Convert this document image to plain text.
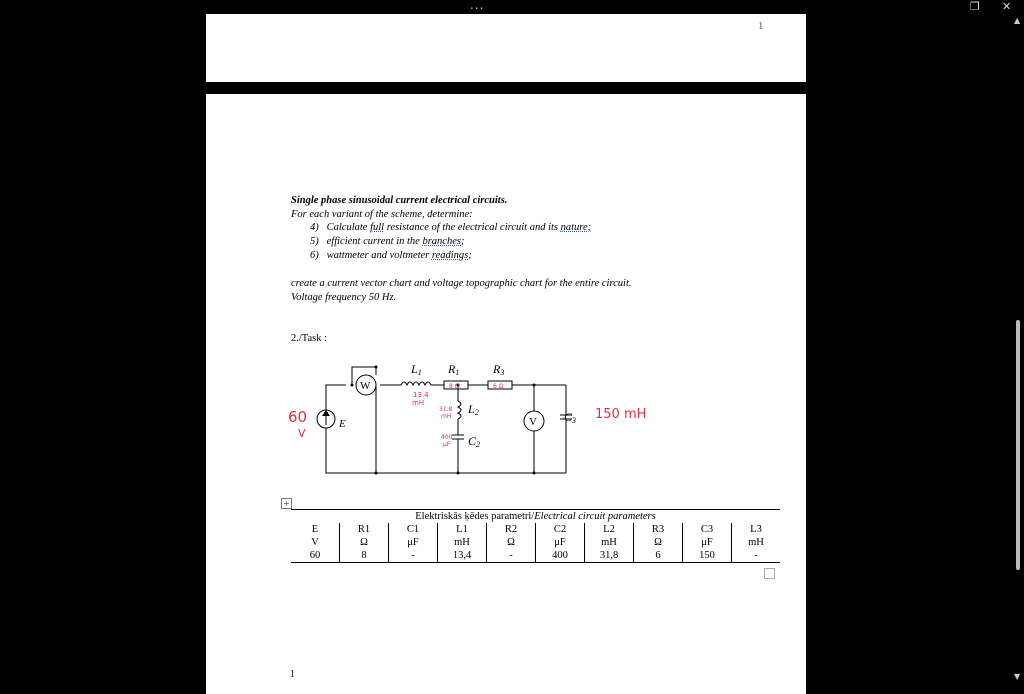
...	❐ ✕
1
Single phase sinusoidal current electrical circuits.
For each variant of the scheme, determine:
4) Calculate full resistance of the electrical circuit and its nature;
5) efficient current in the branches;
6) wattmeter and voltmeter readings;
create a current vector chart and voltage topographic chart for the entire circuit.
Voltage frequency 50 Hz.
2./Task :
E
W
V
L1 R1	R3
L2
C2
C3
60
V
13.4
mH
8 Ω	6 Ω
31.8
mH
400
μF
150 mH
+
Elektriskās ķēdes parametri/Electrical circuit parameters									
E	R1	C1	L1	R2	C2	L2	R3	C3	L3
V	Ω	μF	mH	Ω	μF	mH	Ω	μF	mH
60	8	-	13,4	-	400	31,8	6	150	-
1
▲
▼
